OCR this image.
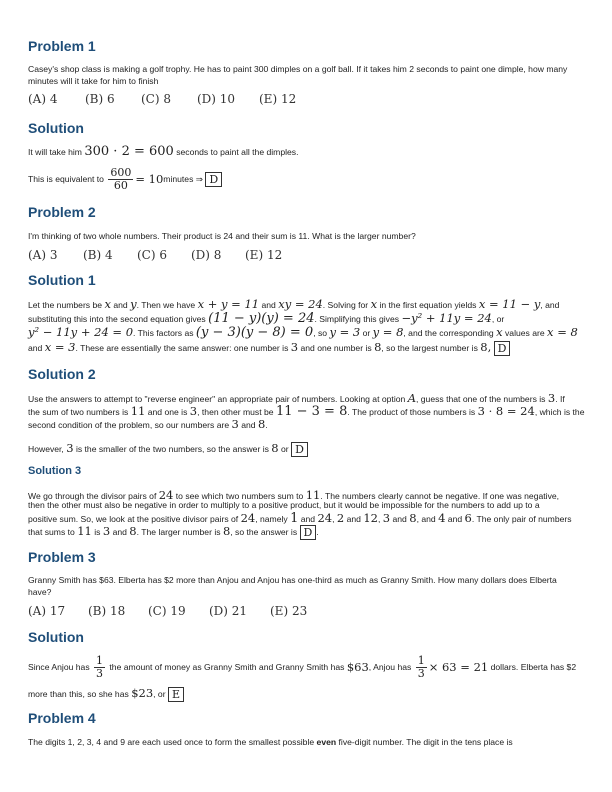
Problem 1
Casey's shop class is making a golf trophy. He has to paint 300 dimples on a golf ball. If it takes him 2 seconds to paint one dimple, how many minutes will it take for him to finish
(A) 4 (B) 6 (C) 8 (D) 10 (E) 12
Solution
It will take him 300 · 2 = 600 seconds to paint all the dimples.
This is equivalent to
$\frac{600}{60} = 10$ minutes ⇒
D
Problem 2
I'm thinking of two whole numbers. Their product is 24 and their sum is 11. What is the larger number?
(A) 3 (B) 4 (C) 6 (D) 8 (E) 12
Solution 1
Let the numbers be x and y. Then we have x + y = 11 and xy = 24. Solving for x in the first equation yields x = 11 − y, and
substituting this into the second equation gives (11 − y)(y) = 24. Simplifying this gives −y² + 11y = 24, or
y² − 11y + 24 = 0. This factors as (y − 3)(y − 8) = 0, so y = 3 or y = 8, and the corresponding x values are x = 8
and x = 3. These are essentially the same answer: one number is 3 and one number is 8, so the largest number is 8, D
Solution 2
Use the answers to attempt to "reverse engineer" an appropriate pair of numbers. Looking at option A, guess that one of the numbers is 3. If
the sum of two numbers is 11 and one is 3, then other must be 11 − 3 = 8. The product of those numbers is 3 · 8 = 24, which is the
second condition of the problem, so our numbers are 3 and 8.
However, 3 is the smaller of the two numbers, so the answer is 8 or D
Solution 3
We go through the divisor pairs of 24 to see which two numbers sum to 11. The numbers clearly cannot be negative. If one was negative,
then the other must also be negative in order to multiply to a positive product, but it would be impossible for the numbers to add up to a
positive sum. So, we look at the positive divisor pairs of 24, namely 1 and 24, 2 and 12, 3 and 8, and 4 and 6. The only pair of numbers
that sums to 11 is 3 and 8. The larger number is 8, so the answer is D .
Problem 3
Granny Smith has $63. Elberta has $2 more than Anjou and Anjou has one-third as much as Granny Smith. How many dollars does Elberta have?
(A) 17 (B) 18 (C) 19 (D) 21 (E) 23
Solution
Since Anjou has
$\frac{1}{3}$
the amount of money as Granny Smith and Granny Smith has
$63 , Anjou has
$\frac{1}{3} \times 63 = 21$
dollars. Elberta has $2
more than this, so she has $23, or E
Problem 4
The digits 1, 2, 3, 4 and 9 are each used once to form the smallest possible even five-digit number. The digit in the tens place is
